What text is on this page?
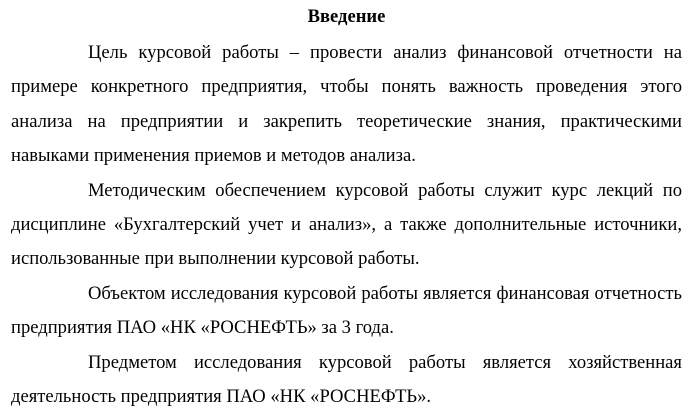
Введение

Цель курсовой работы – провести анализ финансовой отчетности на примере конкретного предприятия, чтобы понять важность проведения этого анализа на предприятии и закрепить теоретические знания, практическими навыками применения приемов и методов анализа.

Методическим обеспечением курсовой работы служит курс лекций по дисциплине «Бухгалтерский учет и анализ», а также дополнительные источники, использованные при выполнении курсовой работы.

Объектом исследования курсовой работы является финансовая отчетность предприятия ПАО «НК «РОСНЕФТЬ» за 3 года.

Предметом исследования курсовой работы является хозяйственная деятельность предприятия ПАО «НК «РОСНЕФТЬ».
